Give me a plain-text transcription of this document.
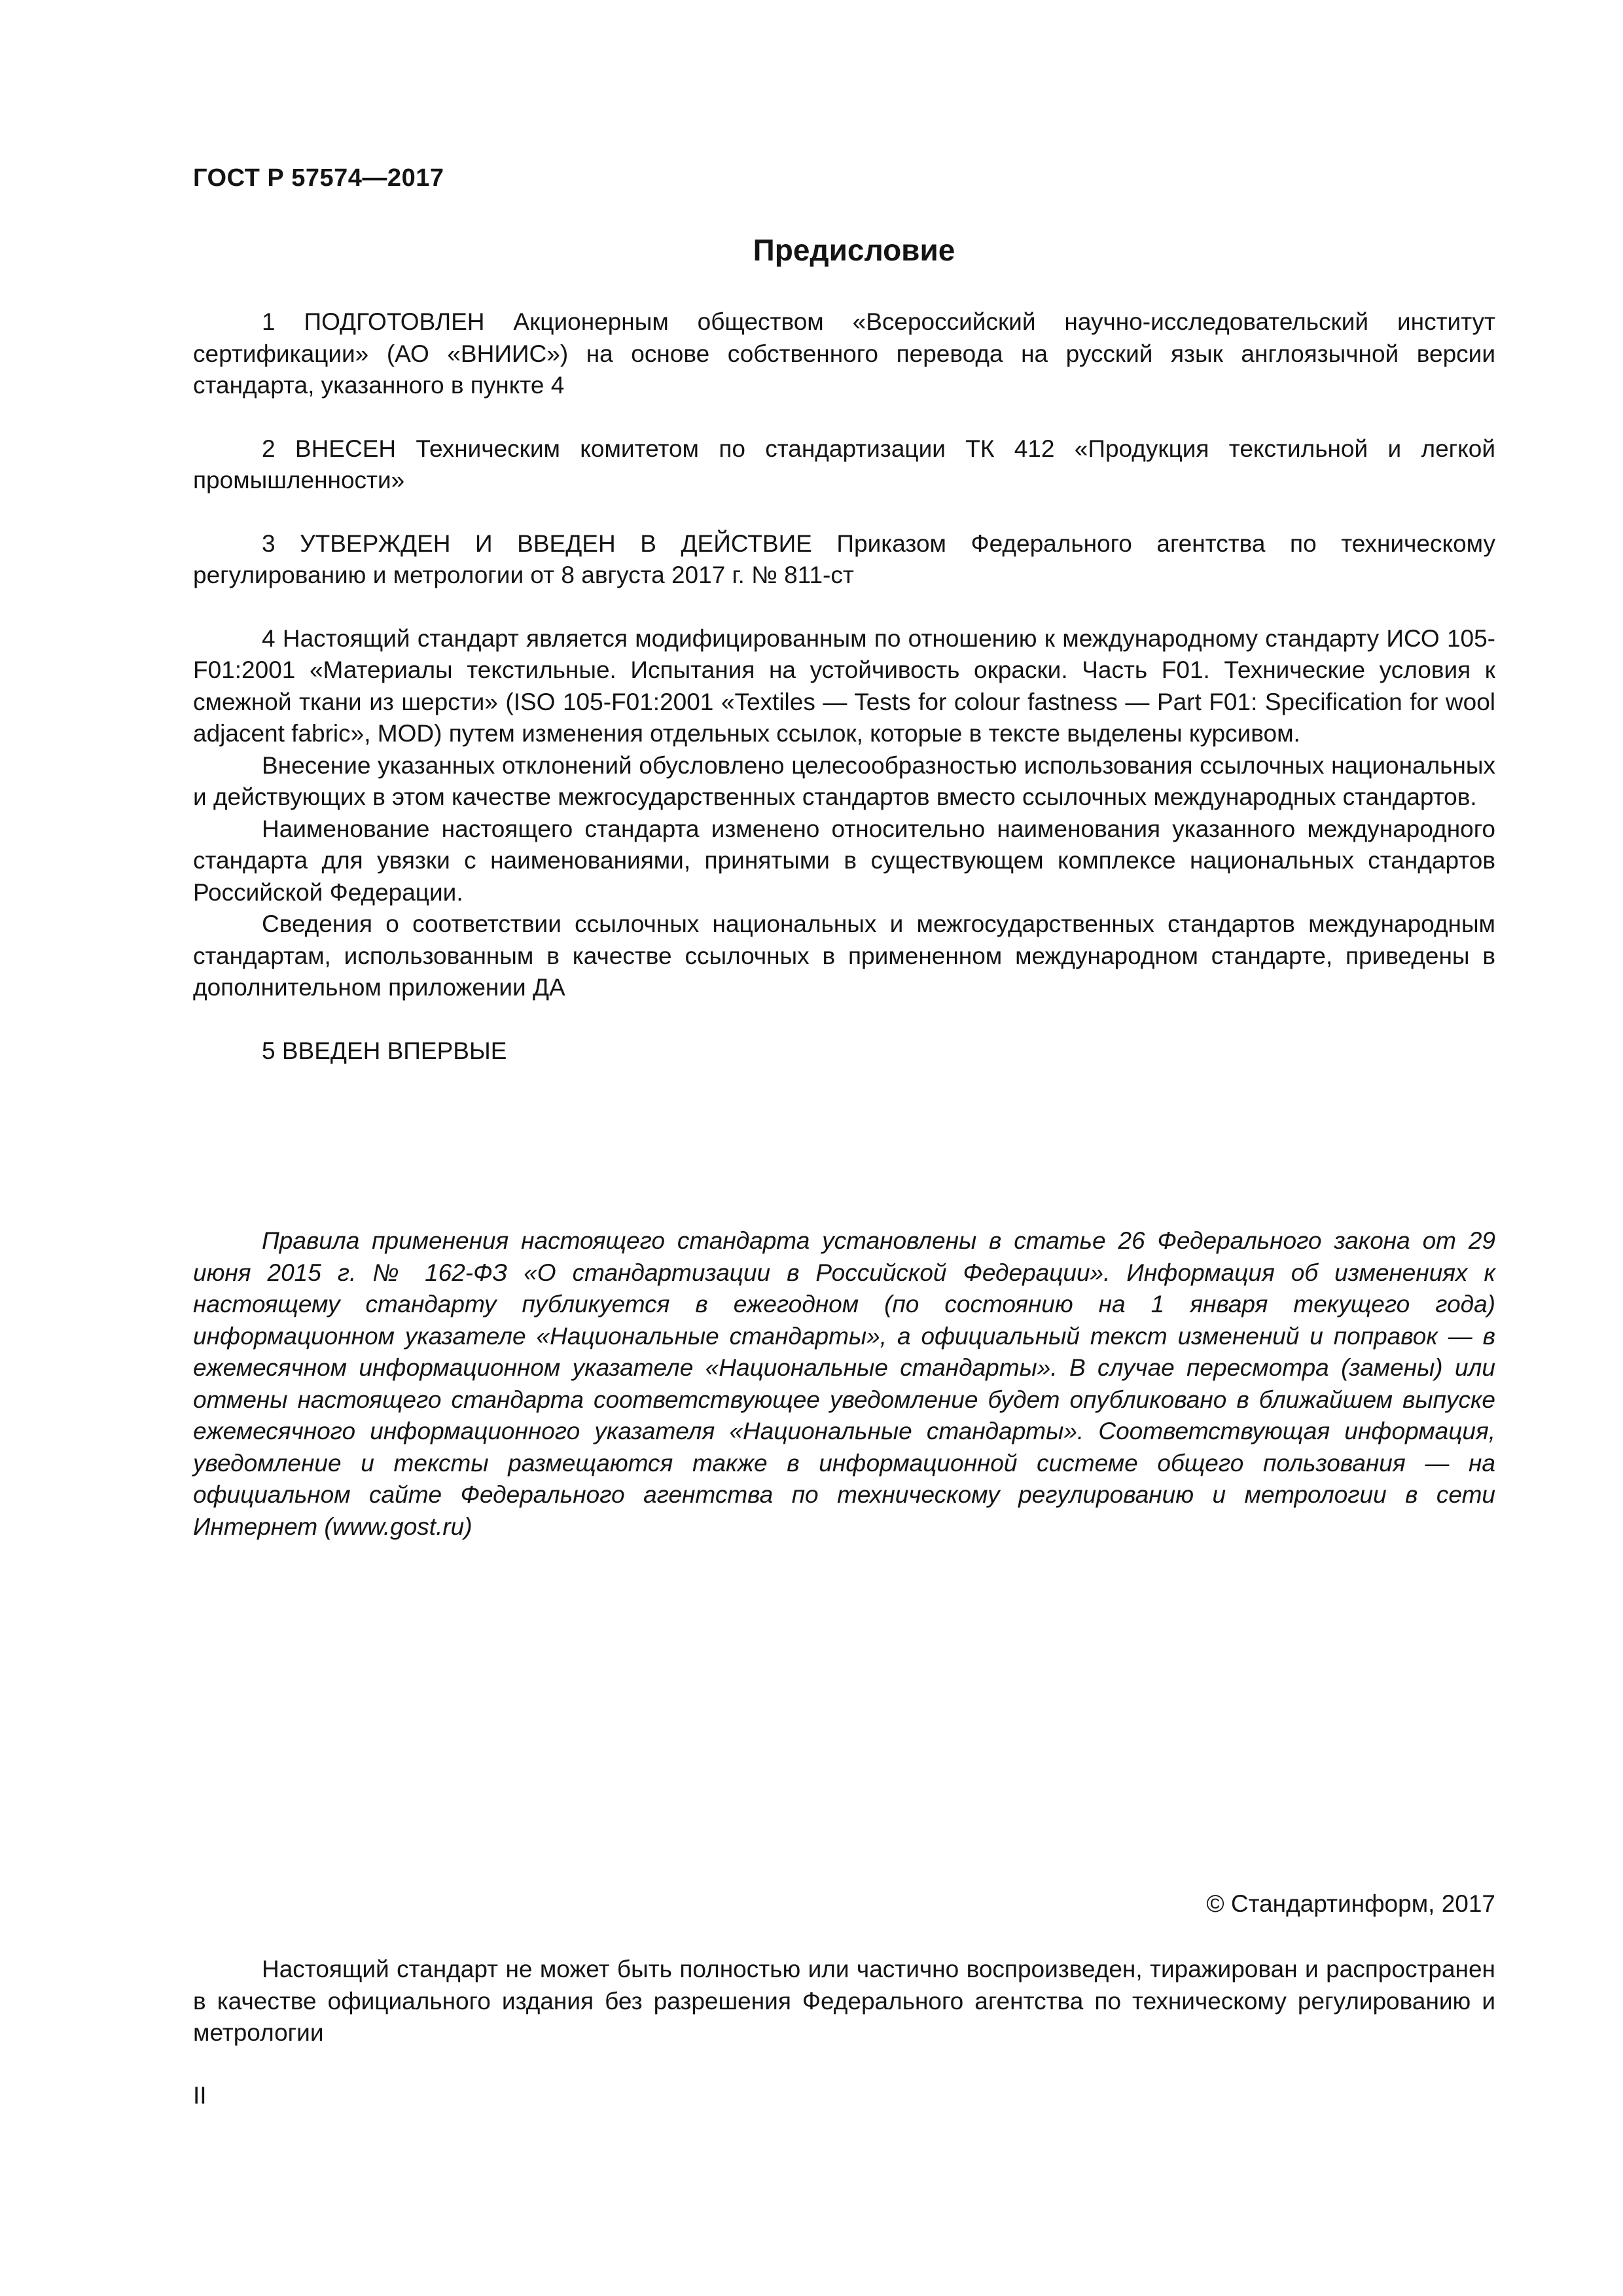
ГОСТ Р 57574—2017
Предисловие

1 ПОДГОТОВЛЕН Акционерным обществом «Всероссийский научно-исследовательский институт сертификации» (АО «ВНИИС») на основе собственного перевода на русский язык англоязычной версии стандарта, указанного в пункте 4

2 ВНЕСЕН Техническим комитетом по стандартизации ТК 412 «Продукция текстильной и легкой промышленности»

3 УТВЕРЖДЕН И ВВЕДЕН В ДЕЙСТВИЕ Приказом Федерального агентства по техническому регулированию и метрологии от 8 августа 2017 г. № 811-ст

4 Настоящий стандарт является модифицированным по отношению к международному стандарту ИСО 105-F01:2001 «Материалы текстильные. Испытания на устойчивость окраски. Часть F01. Технические условия к смежной ткани из шерсти» (ISO 105-F01:2001 «Textiles — Tests for colour fastness — Part F01: Specification for wool adjacent fabric», MOD) путем изменения отдельных ссылок, которые в тексте выделены курсивом.

Внесение указанных отклонений обусловлено целесообразностью использования ссылочных национальных и действующих в этом качестве межгосударственных стандартов вместо ссылочных международных стандартов.

Наименование настоящего стандарта изменено относительно наименования указанного международного стандарта для увязки с наименованиями, принятыми в существующем комплексе национальных стандартов Российской Федерации.

Сведения о соответствии ссылочных национальных и межгосударственных стандартов международным стандартам, использованным в качестве ссылочных в примененном международном стандарте, приведены в дополнительном приложении ДА

5 ВВЕДЕН ВПЕРВЫЕ

Правила применения настоящего стандарта установлены в статье 26 Федерального закона от 29 июня 2015 г. № 162-ФЗ «О стандартизации в Российской Федерации». Информация об изменениях к настоящему стандарту публикуется в ежегодном (по состоянию на 1 января текущего года) информационном указателе «Национальные стандарты», а официальный текст изменений и поправок — в ежемесячном информационном указателе «Национальные стандарты». В случае пересмотра (замены) или отмены настоящего стандарта соответствующее уведомление будет опубликовано в ближайшем выпуске ежемесячного информационного указателя «Национальные стандарты». Соответствующая информация, уведомление и тексты размещаются также в информационной системе общего пользования — на официальном сайте Федерального агентства по техническому регулированию и метрологии в сети Интернет (www.gost.ru)

© Стандартинформ, 2017

Настоящий стандарт не может быть полностью или частично воспроизведен, тиражирован и распространен в качестве официального издания без разрешения Федерального агентства по техническому регулированию и метрологии

II
